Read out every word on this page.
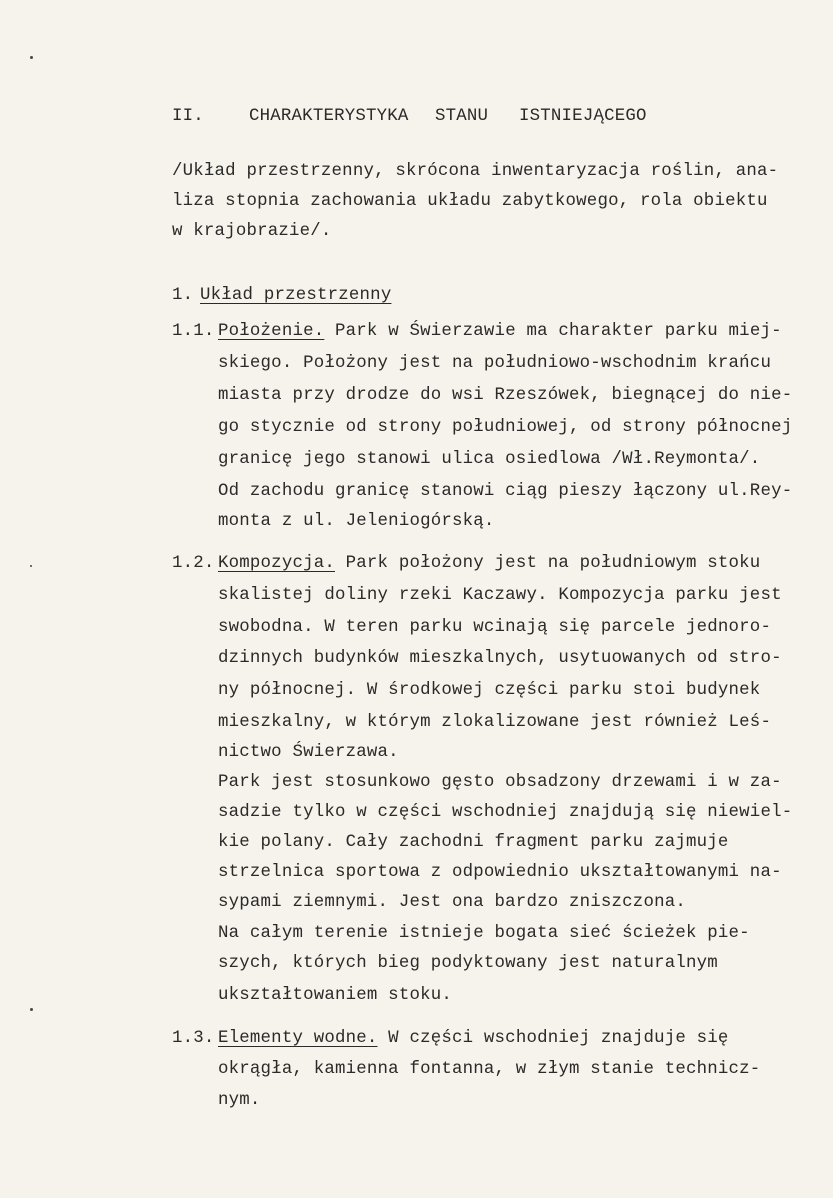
II.

	CHARAKTERYSTYKA

STANU

ISTNIEJĄCEGO

/Układ przestrzenny, skrócona inwentaryzacja roślin, ana-
liza stopnia zachowania układu zabytkowego, rola obiektu
w krajobrazie/.
1. Układ przestrzenny
1.1. Położenie. Park w Świerzawie ma charakter parku miej-
skiego. Położony jest na południowo-wschodnim krańcu
miasta przy drodze do wsi Rzeszówek, biegnącej do nie-
go stycznie od strony południowej, od strony północnej
granicę jego stanowi ulica osiedlowa /Wł.Reymonta/.
Od zachodu granicę stanowi ciąg pieszy łączony ul.Rey-
monta z ul. Jeleniogórską.
1.2. Kompozycja. Park położony jest na południowym stoku
skalistej doliny rzeki Kaczawy. Kompozycja parku jest
swobodna. W teren parku wcinają się parcele jednoro-
dzinnych budynków mieszkalnych, usytuowanych od stro-
ny północnej. W środkowej części parku stoi budynek
mieszkalny, w którym zlokalizowane jest również Leś-
nictwo Świerzawa.
Park jest stosunkowo gęsto obsadzony drzewami i w za-
sadzie tylko w części wschodniej znajdują się niewiel-
kie polany. Cały zachodni fragment parku zajmuje
strzelnica sportowa z odpowiednio ukształtowanymi na-
sypami ziemnymi. Jest ona bardzo zniszczona.
Na całym terenie istnieje bogata sieć ścieżek pie-
szych, których bieg podyktowany jest naturalnym
ukształtowaniem stoku.
1.3. Elementy wodne. W części wschodniej znajduje się
okrągła, kamienna fontanna, w złym stanie technicz-
nym.
